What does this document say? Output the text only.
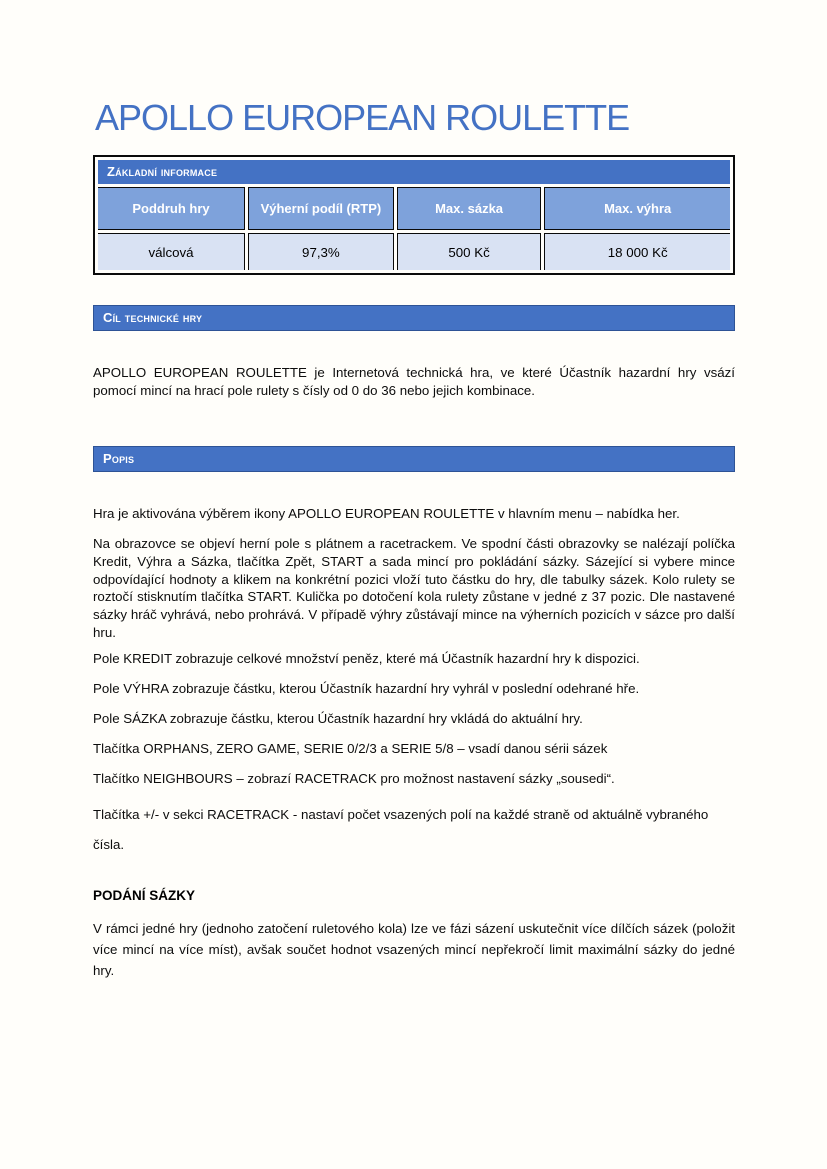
APOLLO EUROPEAN ROULETTE
Základní informace
Poddruh hry	Výherní podíl (RTP)	Max. sázka	Max. výhra
válcová	97,3%	500 Kč	18 000 Kč
Cíl technické hry

APOLLO EUROPEAN ROULETTE je Internetová technická hra, ve které Účastník hazardní hry vsází pomocí mincí na hrací pole rulety s čísly od 0 do 36 nebo jejich kombinace.

Popis

Hra je aktivována výběrem ikony APOLLO EUROPEAN ROULETTE v hlavním menu – nabídka her.

Na obrazovce se objeví herní pole s plátnem a racetrackem. Ve spodní části obrazovky se nalézají políčka Kredit, Výhra a Sázka, tlačítka Zpět, START a sada mincí pro pokládání sázky. Sázející si vybere mince odpovídající hodnoty a klikem na konkrétní pozici vloží tuto částku do hry, dle tabulky sázek. Kolo rulety se roztočí stisknutím tlačítka START. Kulička po dotočení kola rulety zůstane v jedné z 37 pozic. Dle nastavené sázky hráč vyhrává, nebo prohrává. V případě výhry zůstávají mince na výherních pozicích v sázce pro další hru.

Pole KREDIT zobrazuje celkové množství peněz, které má Účastník hazardní hry k dispozici.

Pole VÝHRA zobrazuje částku, kterou Účastník hazardní hry vyhrál v poslední odehrané hře.

Pole SÁZKA zobrazuje částku, kterou Účastník hazardní hry vkládá do aktuální hry.

Tlačítka ORPHANS, ZERO GAME, SERIE 0/2/3 a SERIE 5/8 – vsadí danou sérii sázek

Tlačítko NEIGHBOURS – zobrazí RACETRACK pro možnost nastavení sázky „sousedi“.

Tlačítka +/- v sekci RACETRACK - nastaví počet vsazených polí na každé straně od aktuálně vybraného čísla.

PODÁNÍ SÁZKY

V rámci jedné hry (jednoho zatočení ruletového kola) lze ve fázi sázení uskutečnit více dílčích sázek (položit více mincí na více míst), avšak součet hodnot vsazených mincí nepřekročí limit maximální sázky do jedné hry.
